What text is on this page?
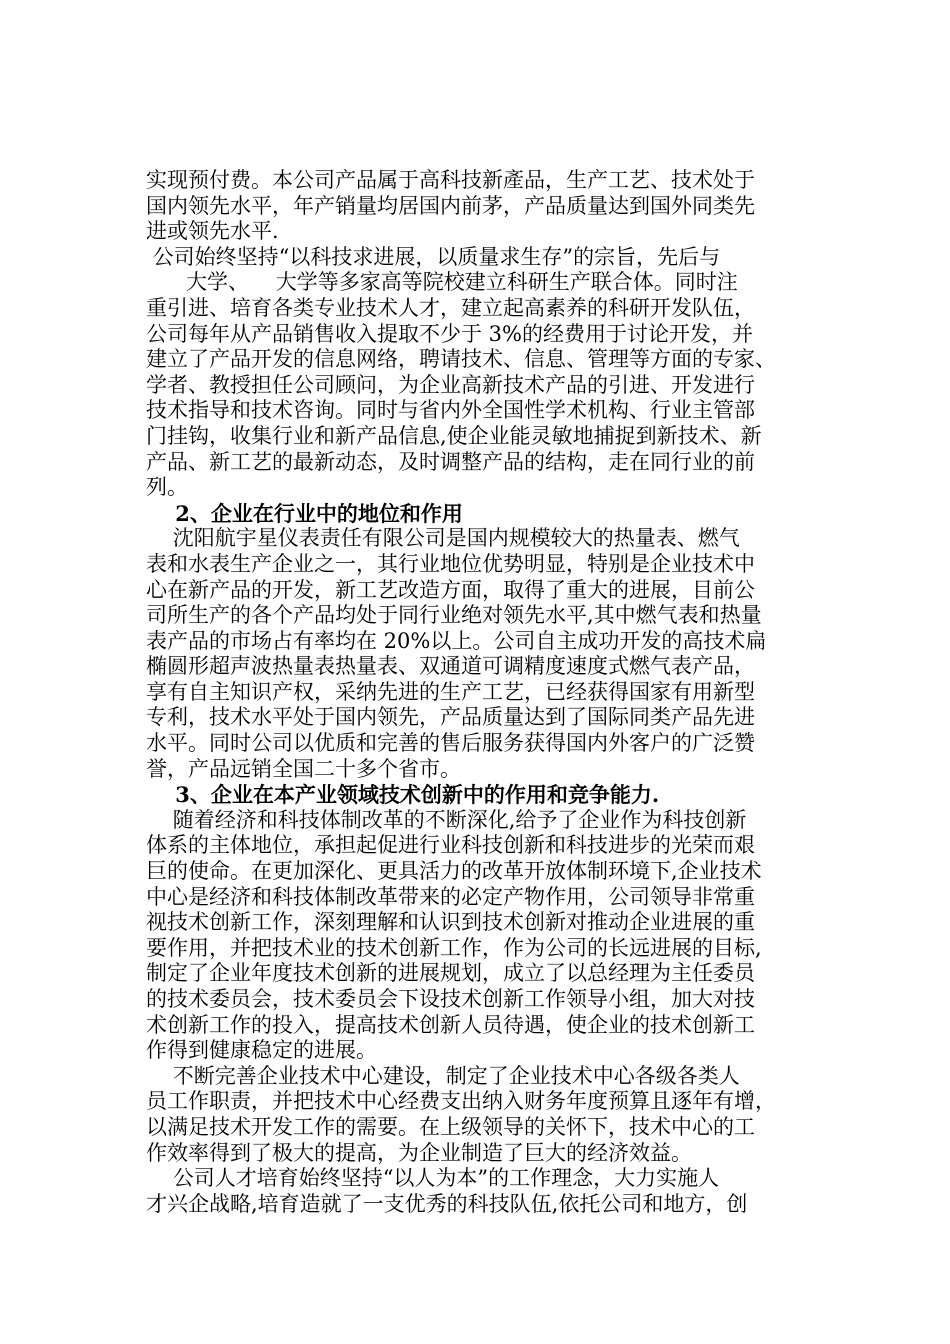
实现预付费。本公司产品属于高科技新產品，生产工艺、技术处于
国内领先水平，年产销量均居国内前茅，产品质量达到国外同类先
进或领先水平.
公司始终坚持“以科技求进展，以质量求生存”的宗旨，先后与
大学、    大学等多家高等院校建立科研生产联合体。同时注
重引进、培育各类专业技术人才，建立起高素养的科研开发队伍，
公司每年从产品销售收入提取不少于 3%的经费用于讨论开发，并
建立了产品开发的信息网络，聘请技术、信息、管理等方面的专家、
学者、教授担任公司顾问，为企业高新技术产品的引进、开发进行
技术指导和技术咨询。同时与省内外全国性学术机构、行业主管部
门挂钩，收集行业和新产品信息,使企业能灵敏地捕捉到新技术、新
产品、新工艺的最新动态，及时调整产品的结构，走在同行业的前
列。
2、企业在行业中的地位和作用
沈阳航宇星仪表责任有限公司是国内规模较大的热量表、燃气
表和水表生产企业之一，其行业地位优势明显，特别是企业技术中
心在新产品的开发，新工艺改造方面，取得了重大的进展，目前公
司所生产的各个产品均处于同行业绝对领先水平,其中燃气表和热量
表产品的市场占有率均在 20%以上。公司自主成功开发的高技术扁
椭圆形超声波热量表热量表、双通道可调精度速度式燃气表产品，
享有自主知识产权，采纳先进的生产工艺，已经获得国家有用新型
专利，技术水平处于国内领先，产品质量达到了国际同类产品先进
水平。同时公司以优质和完善的售后服务获得国内外客户的广泛赞
誉，产品远销全国二十多个省市。
3、企业在本产业领域技术创新中的作用和竞争能力.
随着经济和科技体制改革的不断深化,给予了企业作为科技创新
体系的主体地位，承担起促进行业科技创新和科技进步的光荣而艰
巨的使命。在更加深化、更具活力的改革开放体制环境下,企业技术
中心是经济和科技体制改革带来的必定产物作用，公司领导非常重
视技术创新工作，深刻理解和认识到技术创新对推动企业进展的重
要作用，并把技术业的技术创新工作，作为公司的长远进展的目标,
制定了企业年度技术创新的进展规划，成立了以总经理为主任委员
的技术委员会，技术委员会下设技术创新工作领导小组，加大对技
术创新工作的投入，提高技术创新人员待遇，使企业的技术创新工
作得到健康稳定的进展。
不断完善企业技术中心建设，制定了企业技术中心各级各类人
员工作职责，并把技术中心经费支出纳入财务年度预算且逐年有增，
以满足技术开发工作的需要。在上级领导的关怀下，技术中心的工
作效率得到了极大的提高，为企业制造了巨大的经济效益。
公司人才培育始终坚持“以人为本”的工作理念，大力实施人
才兴企战略,培育造就了一支优秀的科技队伍,依托公司和地方，创
